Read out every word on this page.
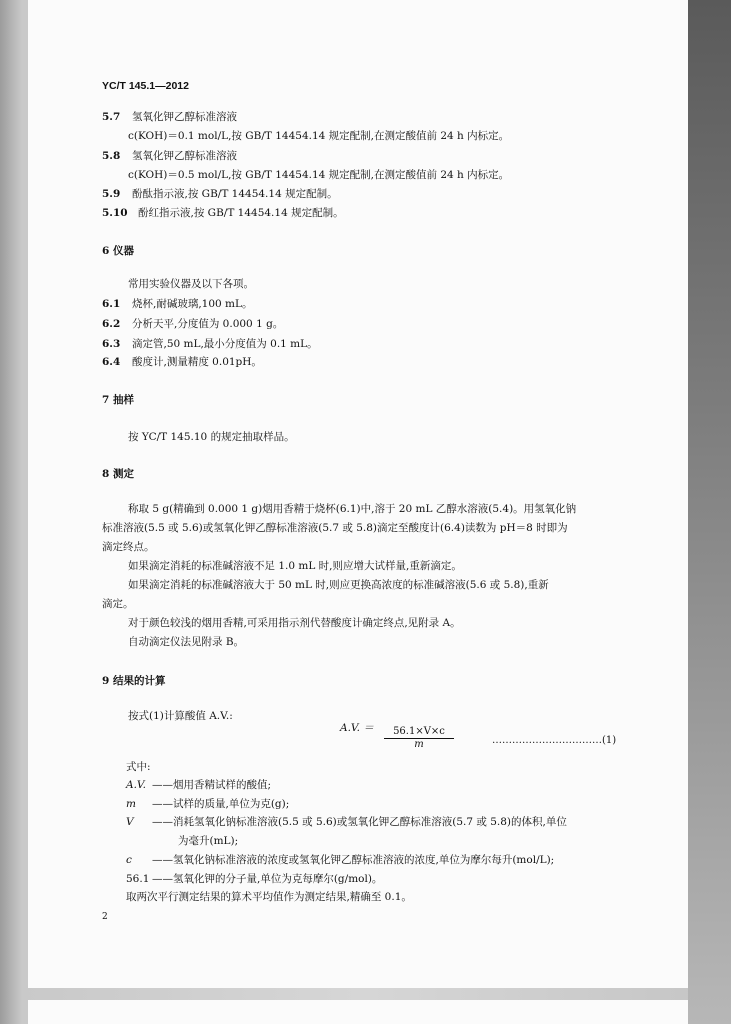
YC/T 145.1—2012
5.7 氢氧化钾乙醇标准溶液
c(KOH)＝0.1 mol/L,按 GB/T 14454.14 规定配制,在测定酸值前 24 h 内标定。
5.8 氢氧化钾乙醇标准溶液
c(KOH)＝0.5 mol/L,按 GB/T 14454.14 规定配制,在测定酸值前 24 h 内标定。
5.9 酚酞指示液,按 GB/T 14454.14 规定配制。
5.10 酚红指示液,按 GB/T 14454.14 规定配制。
6 仪器
常用实验仪器及以下各项。
6.1 烧杯,耐碱玻璃,100 mL。
6.2 分析天平,分度值为 0.000 1 g。
6.3 滴定管,50 mL,最小分度值为 0.1 mL。
6.4 酸度计,测量精度 0.01pH。
7 抽样
按 YC/T 145.10 的规定抽取样品。
8 测定
称取 5 g(精确到 0.000 1 g)烟用香精于烧杯(6.1)中,溶于 20 mL 乙醇水溶液(5.4)。用氢氧化钠
标准溶液(5.5 或 5.6)或氢氧化钾乙醇标准溶液(5.7 或 5.8)滴定至酸度计(6.4)读数为 pH＝8 时即为
滴定终点。
如果滴定消耗的标准碱溶液不足 1.0 mL 时,则应增大试样量,重新滴定。
如果滴定消耗的标准碱溶液大于 50 mL 时,则应更换高浓度的标准碱溶液(5.6 或 5.8),重新
滴定。
对于颜色较浅的烟用香精,可采用指示剂代替酸度计确定终点,见附录 A。
自动滴定仪法见附录 B。
9 结果的计算
按式(1)计算酸值 A.V.:
A.V. ＝ $\frac{56.1\times V\times c}{m}$	……………………………(1)
式中:
A.V. ——烟用香精试样的酸值;
m ——试样的质量,单位为克(g);
V ——消耗氢氧化钠标准溶液(5.5 或 5.6)或氢氧化钾乙醇标准溶液(5.7 或 5.8)的体积,单位
为毫升(mL);
c ——氢氧化钠标准溶液的浓度或氢氧化钾乙醇标准溶液的浓度,单位为摩尔每升(mol/L);
56.1 ——氢氧化钾的分子量,单位为克每摩尔(g/mol)。
取两次平行测定结果的算术平均值作为测定结果,精确至 0.1。
2
